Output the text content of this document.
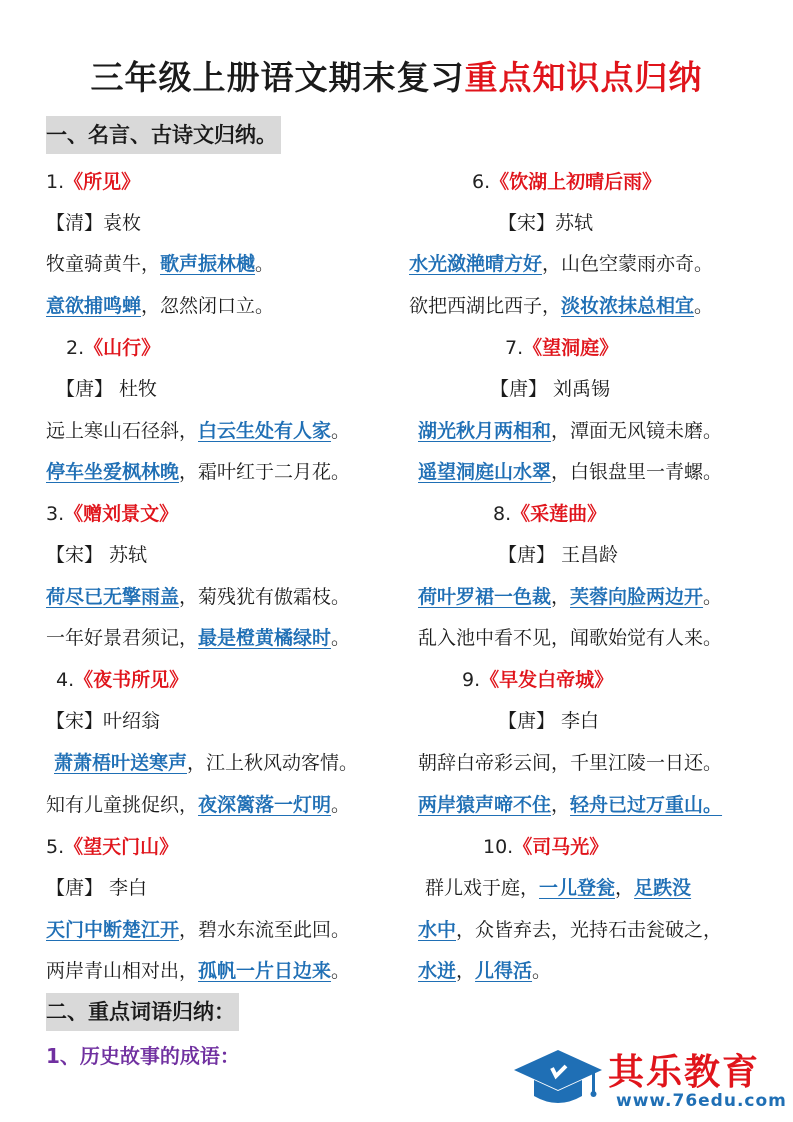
三年级上册语文期末复习重点知识点归纳
一、名言、古诗文归纳。
1.《所见》
【清】袁枚
牧童骑黄牛，歌声振林樾。
意欲捕鸣蝉，忽然闭口立。
2.《山行》
【唐】 杜牧
远上寒山石径斜，白云生处有人家。
停车坐爱枫林晚，霜叶红于二月花。
3.《赠刘景文》
【宋】 苏轼
荷尽已无擎雨盖，菊残犹有傲霜枝。
一年好景君须记，最是橙黄橘绿时。
4.《夜书所见》
【宋】叶绍翁
萧萧梧叶送寒声，江上秋风动客情。
知有儿童挑促织，夜深篱落一灯明。
5.《望天门山》
【唐】 李白
天门中断楚江开，碧水东流至此回。
两岸青山相对出，孤帆一片日边来。
6.《饮湖上初晴后雨》
【宋】苏轼
水光潋滟晴方好，山色空蒙雨亦奇。
欲把西湖比西子，淡妆浓抹总相宜。
7.《望洞庭》
【唐】 刘禹锡
湖光秋月两相和，潭面无风镜未磨。
遥望洞庭山水翠，白银盘里一青螺。
8.《采莲曲》
【唐】 王昌龄
荷叶罗裙一色裁，芙蓉向脸两边开。
乱入池中看不见，闻歌始觉有人来。
9.《早发白帝城》
【唐】 李白
朝辞白帝彩云间，千里江陵一日还。
两岸猿声啼不住，轻舟已过万重山。
10.《司马光》
群儿戏于庭，一儿登瓮，足跌没
水中，众皆弃去，光持石击瓮破之，
水迸，儿得活。
二、重点词语归纳：
1、历史故事的成语：	其乐教育
www.76edu.com
